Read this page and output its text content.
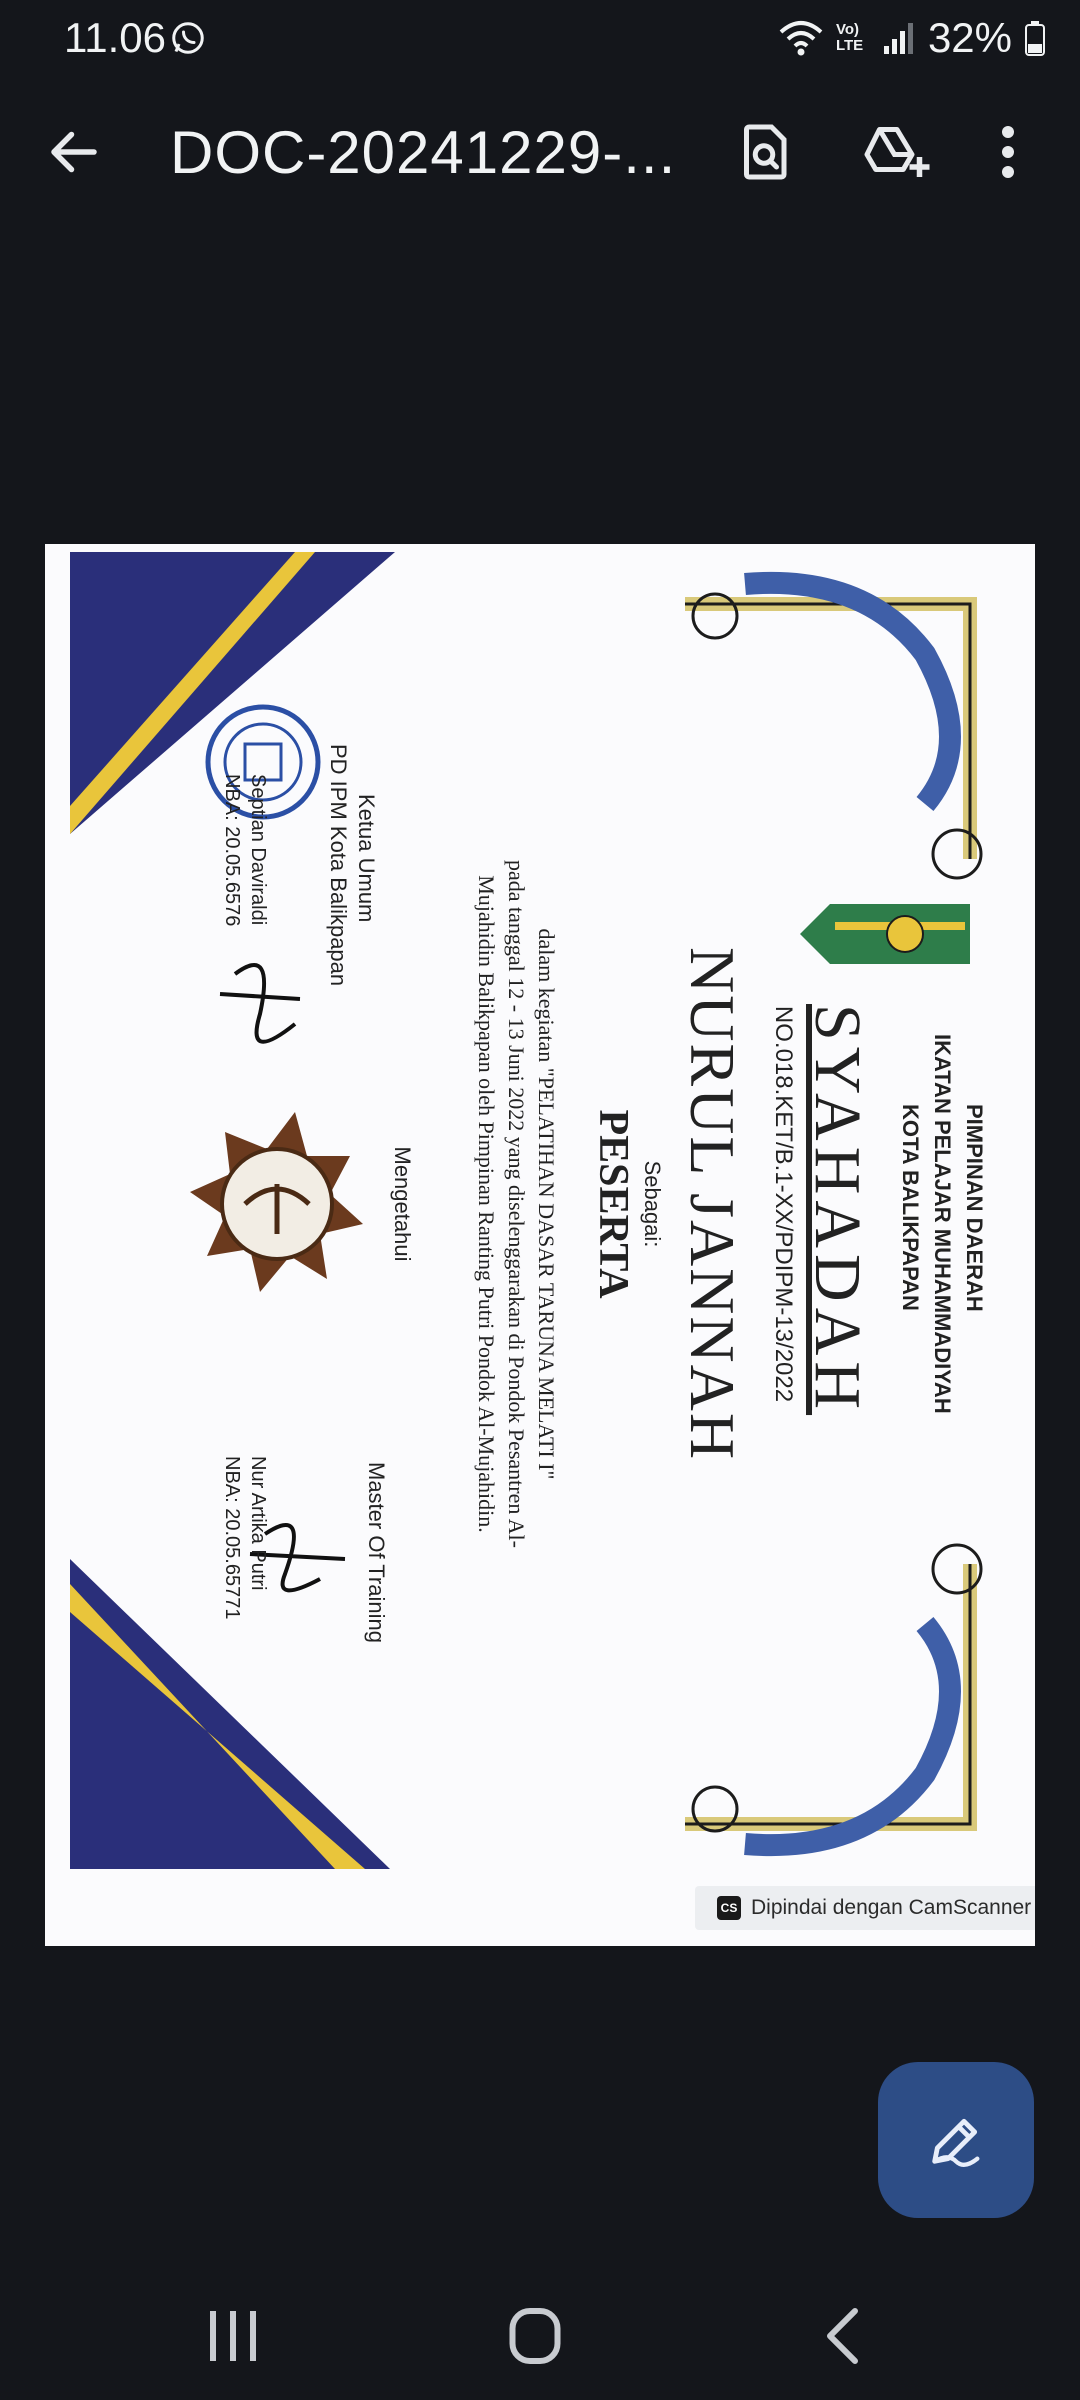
11.06	Vo) LTE 32%
DOC-20241229-...
PIMPINAN DAERAH
IKATAN PELAJAR MUHAMMADIYAH
KOTA BALIKPAPAN
SYAHADAH
NO.018.KET/B.1-XX/PDIPM-13/2022
NURUL JANNAH
Sebagai:
PESERTA
dalam kegiatan "PELATIHAN DASAR TARUNA MELATI I"
pada tanggal 12 - 13 Juni 2022 yang diselenggarakan di Pondok Pesantren Al-
Mujahidin Balikpapan oleh Pimpinan Ranting Putri Pondok Al-Mujahidin.
Mengetahui
Ketua Umum
PD IPM Kota Balikpapan
Septian Daviraldi
NBA: 20.05.6576
Master Of Training
Nur Artika Putri
NBA: 20.05.65771
CS Dipindai dengan CamScanner
